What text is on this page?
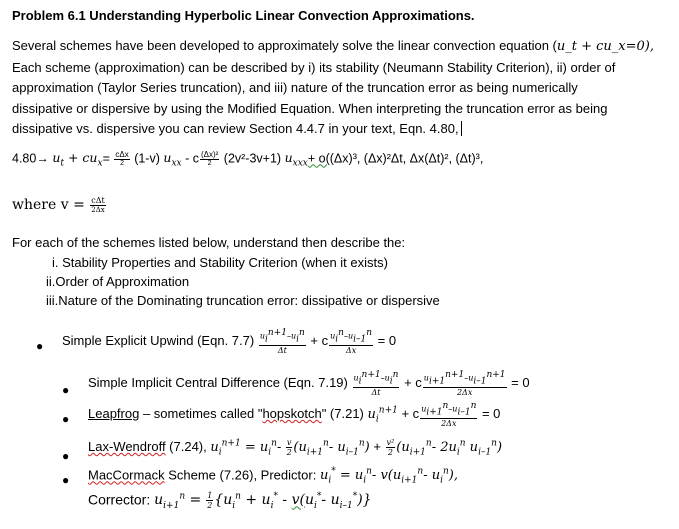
Problem 6.1 Understanding Hyperbolic Linear Convection Approximations.
Several schemes have been developed to approximately solve the linear convection equation (u_t + cu_x=0),
Each scheme (approximation) can be described by i) its stability (Neumann Stability Criterion), ii) order of
approximation (Taylor Series truncation), and iii) nature of the truncation error as being numerically
dissipative or dispersive by using the Modified Equation. When interpreting the truncation error as being
dissipative vs. dispersive you can review Section 4.4.7 in your text, Eqn. 4.80,
$4.80\to u_t + cu_x= \frac{\text{cΔx}}{2} (1-v)$ $u_{xx} - c \frac{\text{(Δx)²}}{2} (2v^2-3v+1)$ $u_{xxx}+ o((\Delta x)^3$, (Δx)²Δt, Δx(Δt)², (Δt)³,
where $v = \frac{\text{cΔt}}{2\Delta x}$
For each of the schemes listed below, understand then describe the:
i. Stability Properties and Stability Criterion (when it exists)
ii.Order of Approximation
iii.Nature of the Dominating truncation error: dissipative or dispersive
● Simple Explicit Upwind (Eqn. $7.7) \frac{u_i^{n+1}-u_i^n}{\Delta t} + c \frac{u_i^n-u_{i-1}^n}{\Delta x} = 0$
●
Simple Implicit Central Difference (Eqn. $7.19) \frac{u_i^{n+1}-u_i^n}{\Delta t} + c \frac{u_{i+1}^{n+1}-u_{i-1}^{n+1}}{2\Delta x} = 0$
● Leapfrog – sometimes called "hopskotch" (7.21) $u_i^{n+1} + c \frac{u_{i+1}^n-u_{i-1}^n}{2\Delta x} = 0$
●
Lax-Wendroff (7.24), $u_i^{n+1} = u_i^n- \frac{v}{2} (u_{i+1}^n-$ $u_{i-1}^n) + \frac{\text{v²}}{2} (u_{i+1}^n-$ $2u_i^n$ $u_{i-1}^n$)
● MacCormack Scheme (7.26), Predictor: $u_i^* = u_i^n-$ $v(u_{i+1}^n-$ $u_i^n$),
Corrector: $u_{i+1}^n = \frac{1}{2} \{u_i^n + u_i^* - v(u_i^*-$ $u_{i-1}^*$)}
